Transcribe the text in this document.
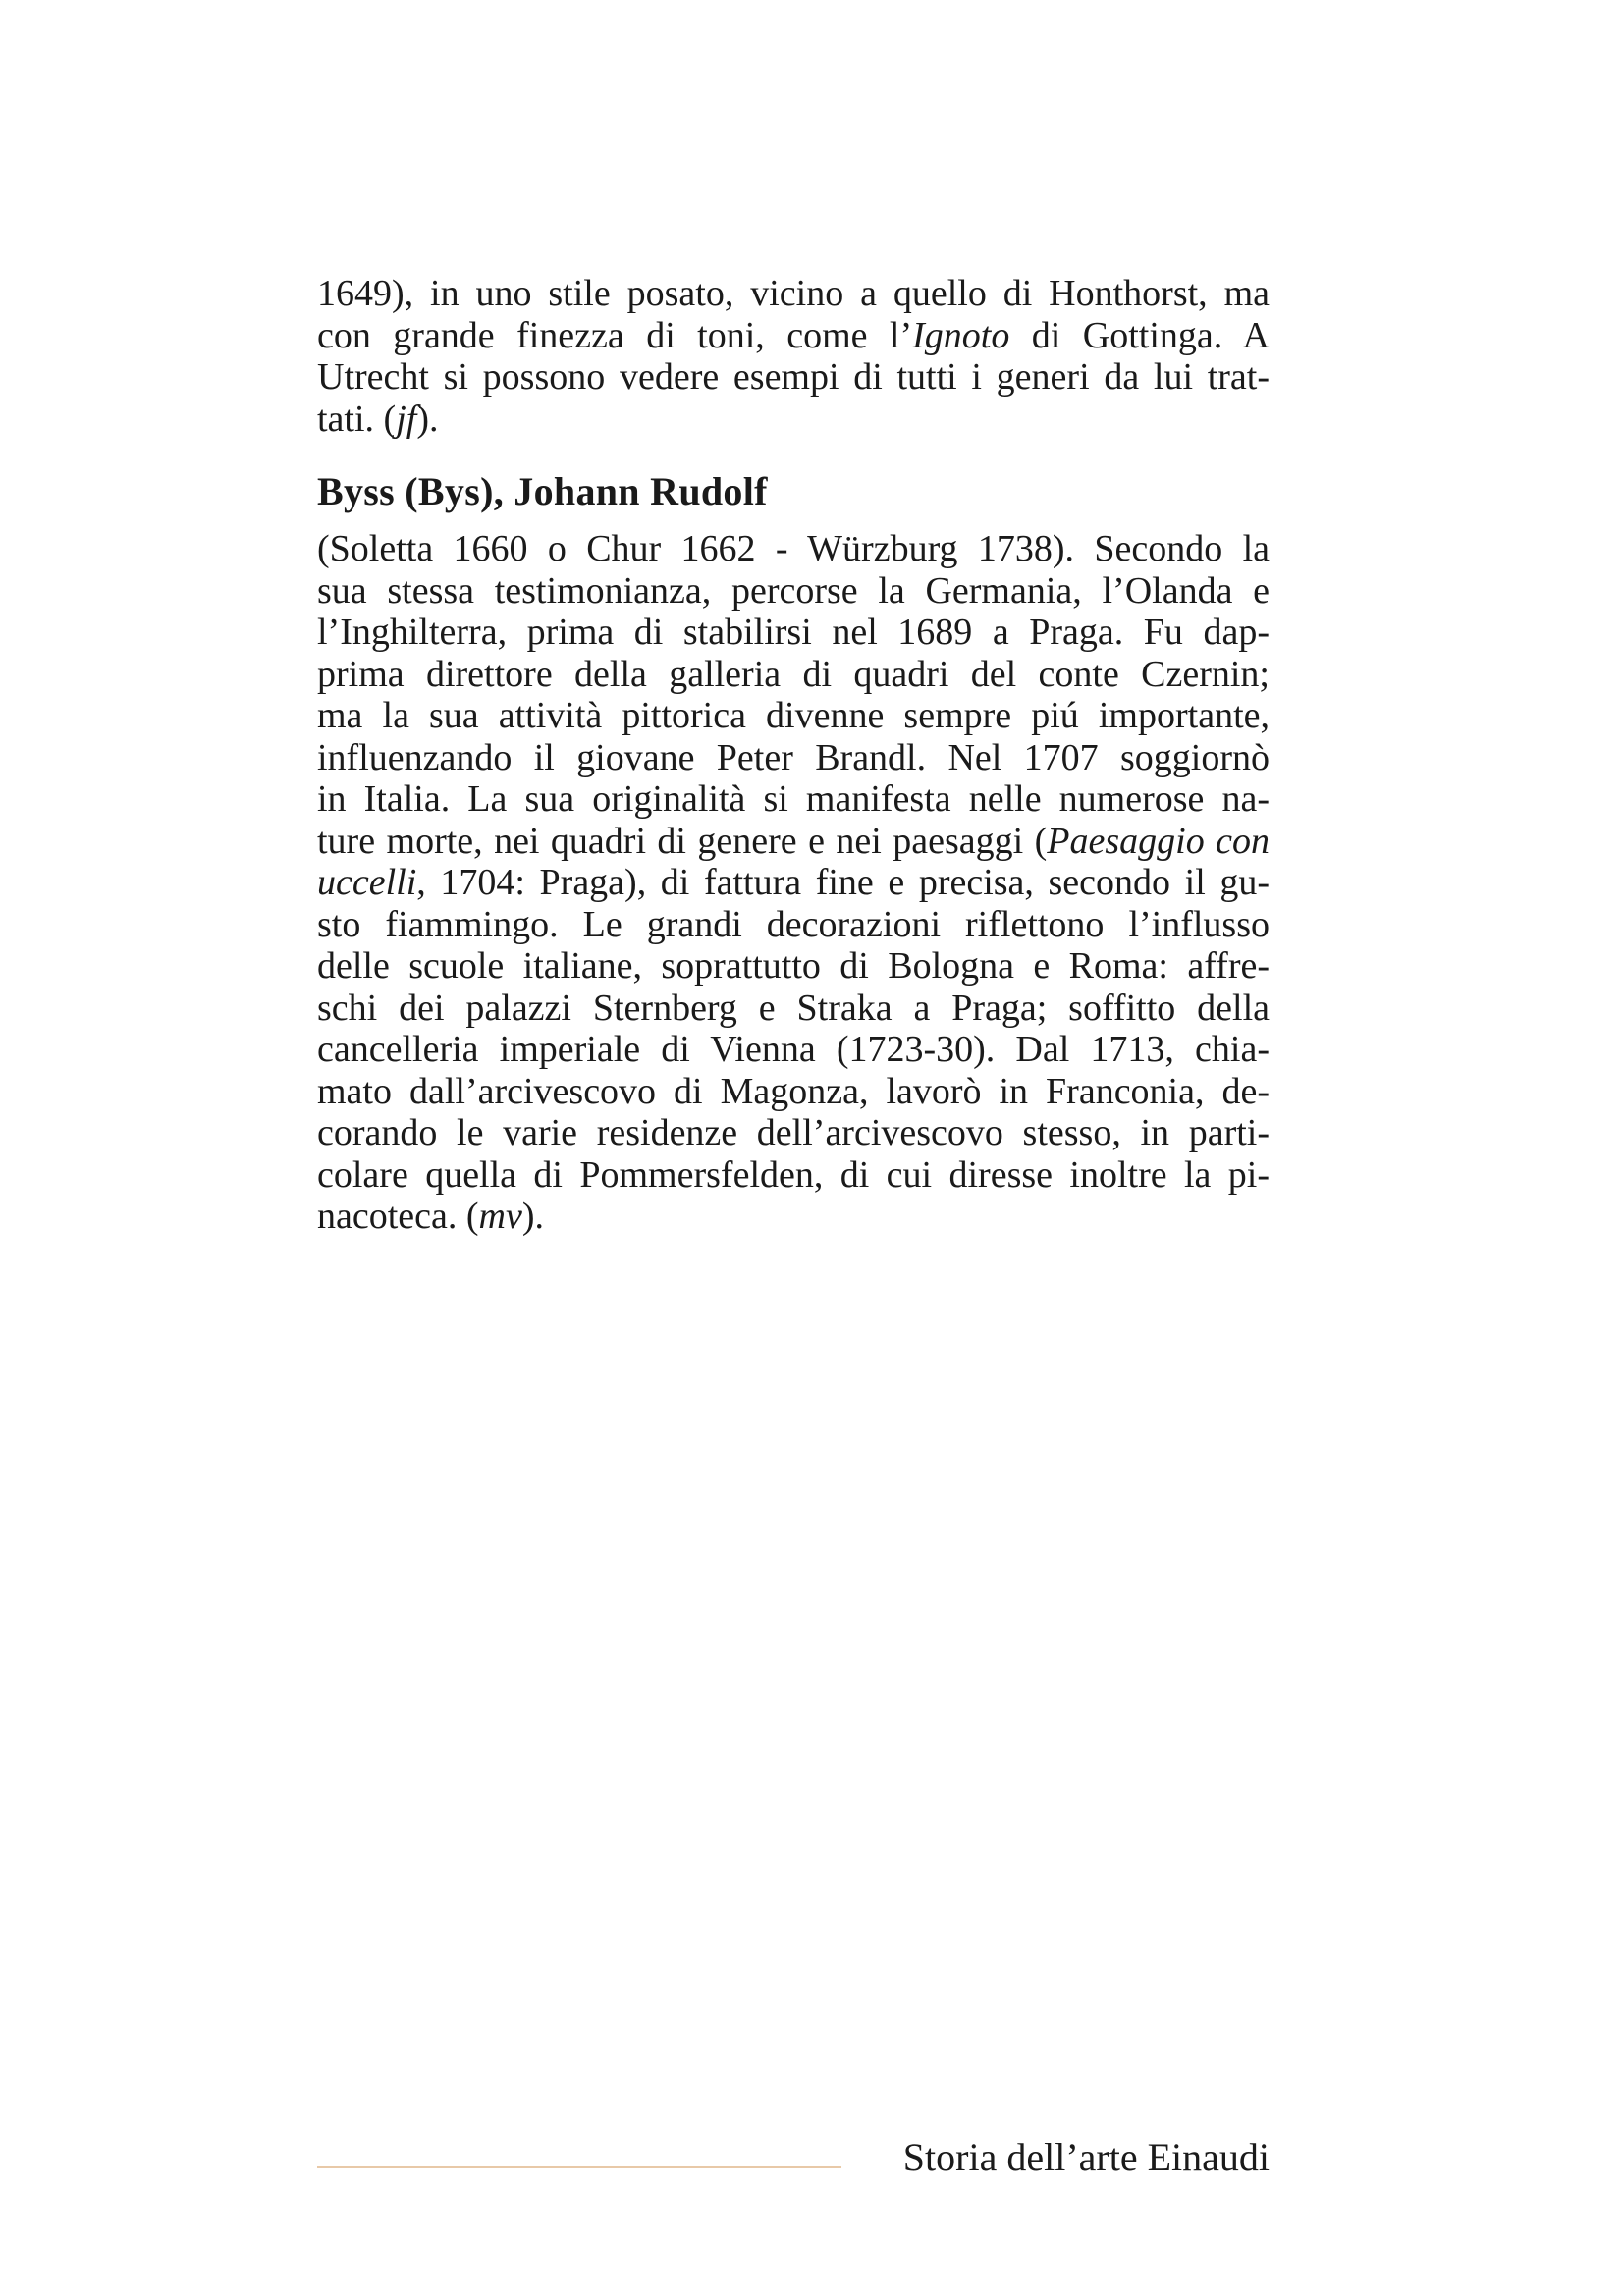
1649), in uno stile posato, vicino a quello di Honthorst, ma
con grande finezza di toni, come l’Ignoto di Gottinga. A
Utrecht si possono vedere esempi di tutti i generi da lui trat-
tati. (jf).
Byss (Bys), Johann Rudolf
(Soletta 1660 o Chur 1662 - Würzburg 1738). Secondo la
sua stessa testimonianza, percorse la Germania, l’Olanda e
l’Inghilterra, prima di stabilirsi nel 1689 a Praga. Fu dap-
prima direttore della galleria di quadri del conte Czernin;
ma la sua attività pittorica divenne sempre piú importante,
influenzando il giovane Peter Brandl. Nel 1707 soggiornò
in Italia. La sua originalità si manifesta nelle numerose na-
ture morte, nei quadri di genere e nei paesaggi (Paesaggio con
uccelli, 1704: Praga), di fattura fine e precisa, secondo il gu-
sto fiammingo. Le grandi decorazioni riflettono l’influsso
delle scuole italiane, soprattutto di Bologna e Roma: affre-
schi dei palazzi Sternberg e Straka a Praga; soffitto della
cancelleria imperiale di Vienna (1723-30). Dal 1713, chia-
mato dall’arcivescovo di Magonza, lavorò in Franconia, de-
corando le varie residenze dell’arcivescovo stesso, in parti-
colare quella di Pommersfelden, di cui diresse inoltre la pi-
nacoteca. (mv).
Storia dell’arte Einaudi
